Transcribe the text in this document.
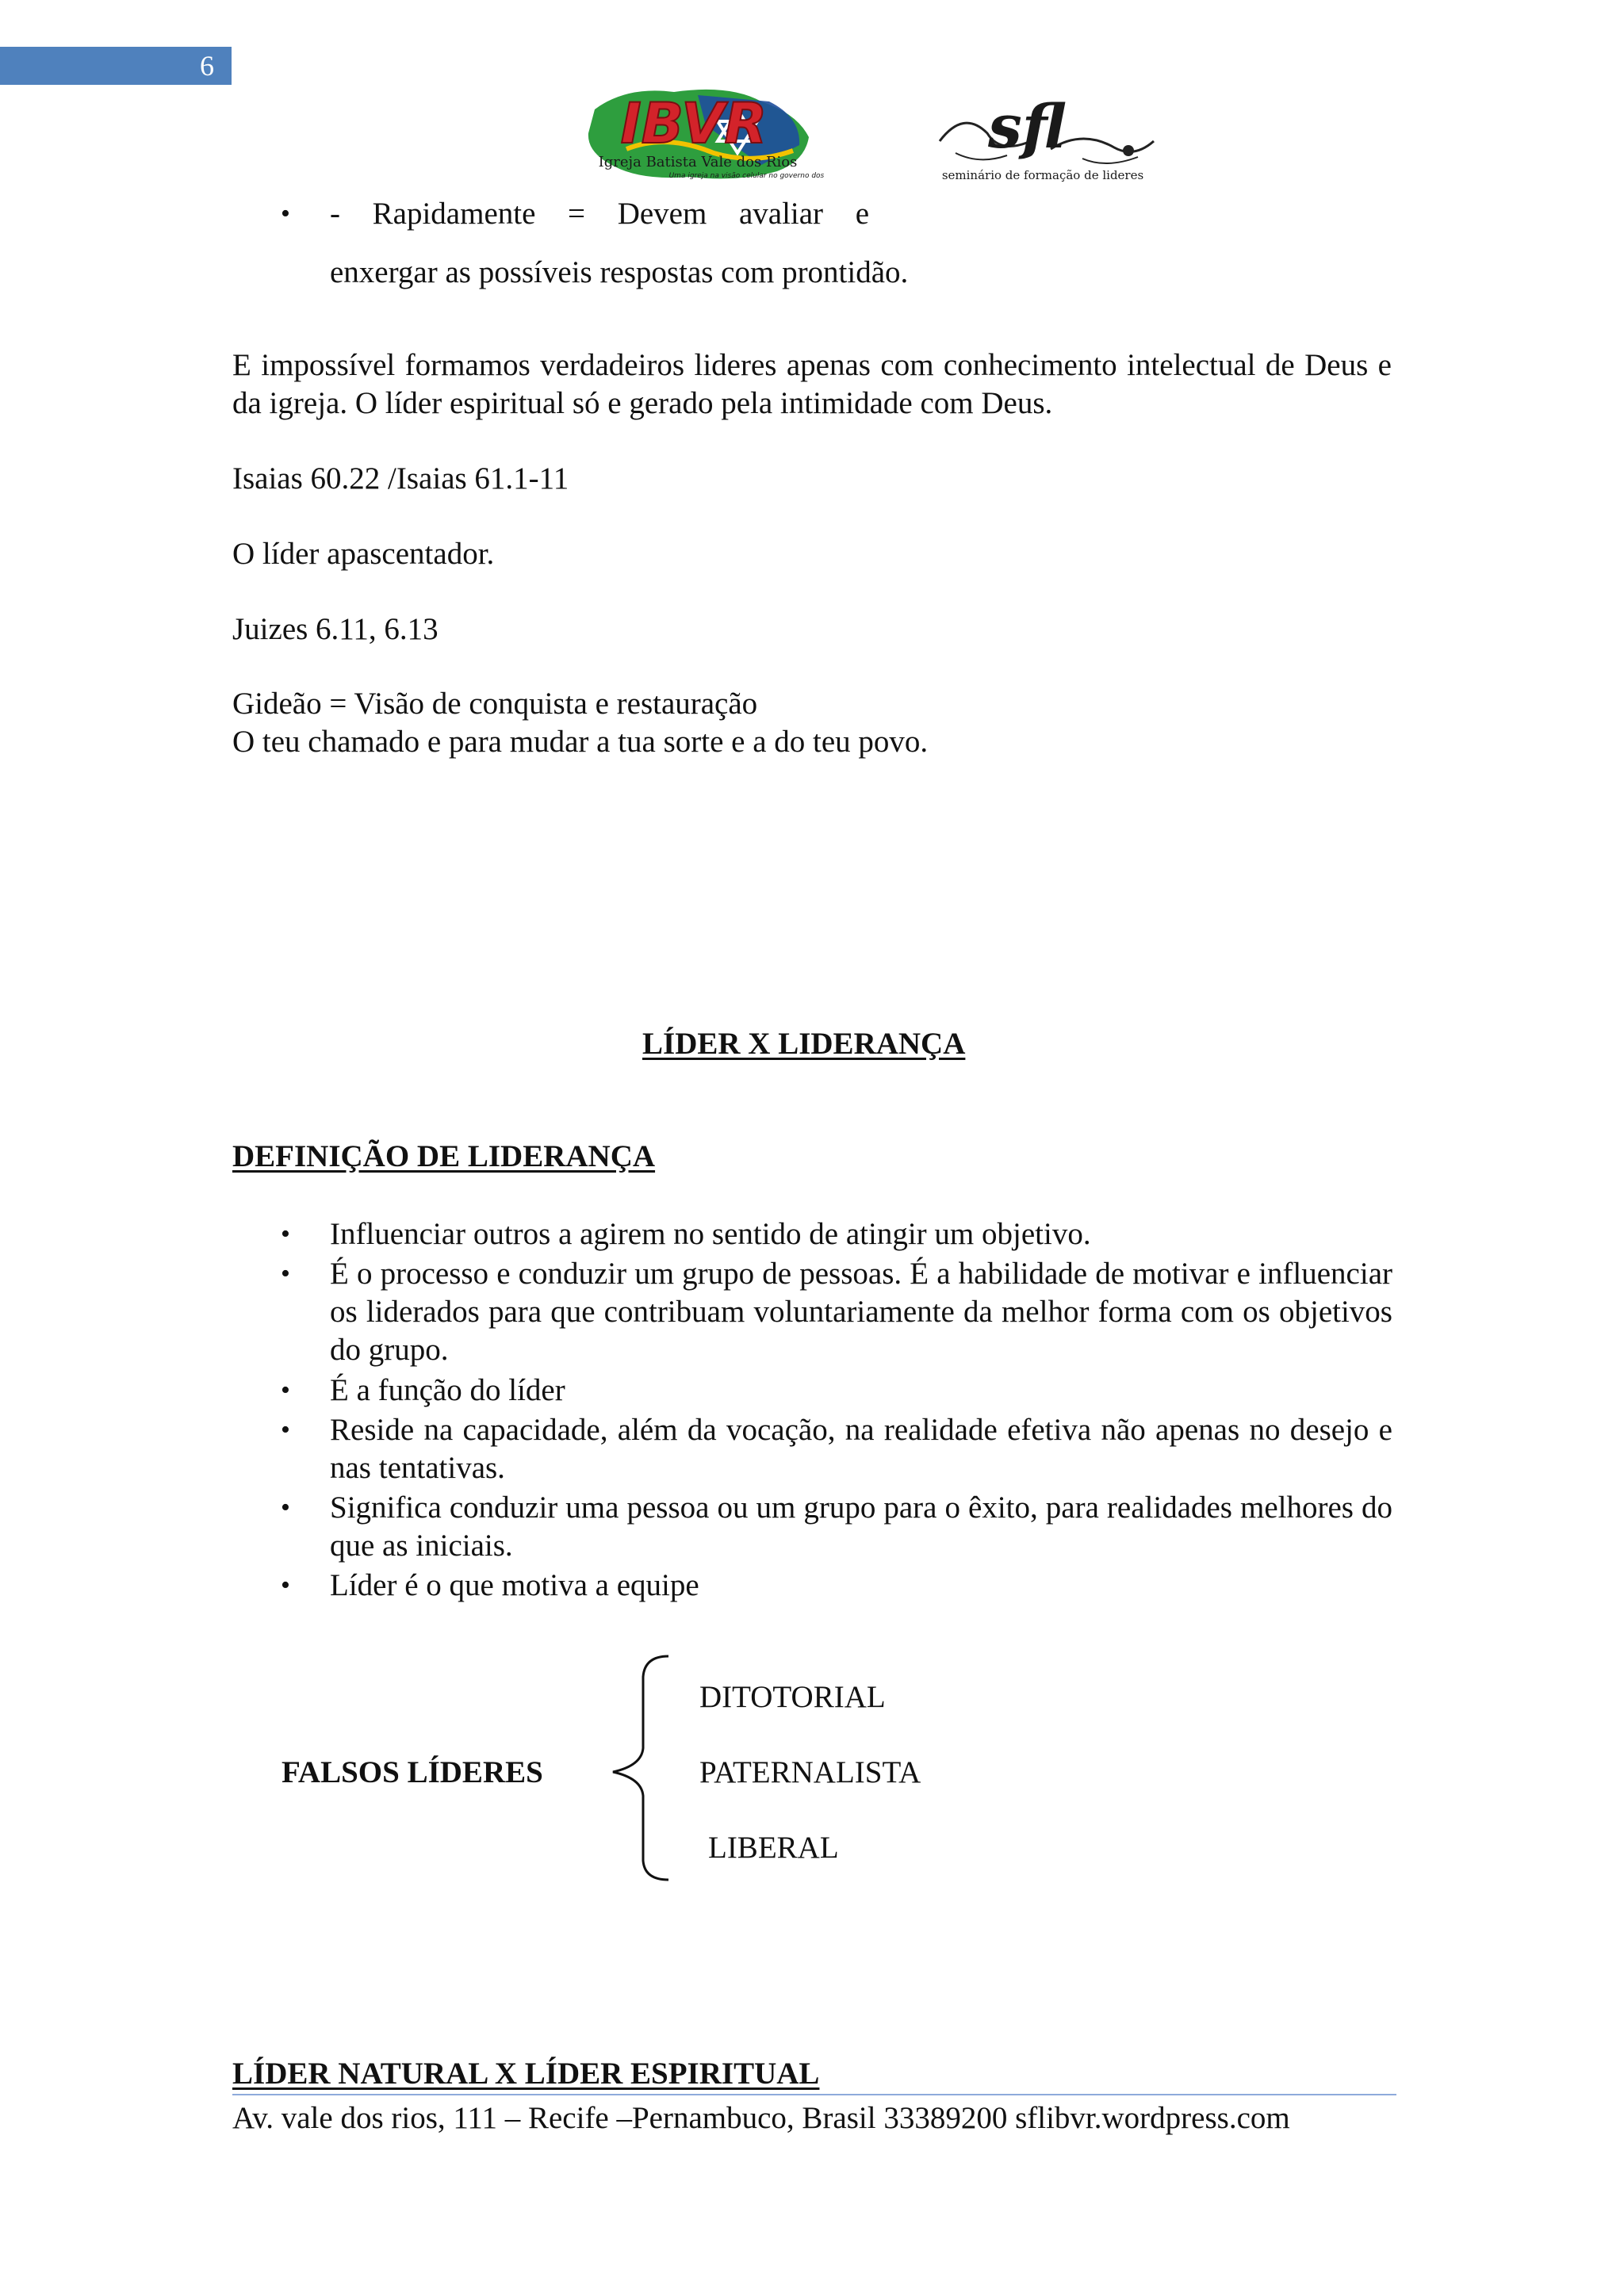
6
IBVR
Igreja Batista Vale dos Rios
Uma igreja na visão celular no governo dos 12.
sfl
seminário de formação de lideres
• - Rapidamente = Devem avaliar e
enxergar as possíveis respostas com prontidão.
E impossível formamos verdadeiros lideres apenas com conhecimento intelectual de Deus e da igreja. O líder espiritual só e gerado pela intimidade com Deus.
Isaias 60.22 /Isaias 61.1-11
O líder apascentador.
Juizes 6.11, 6.13
Gideão = Visão de conquista e restauração
O teu chamado e para mudar a tua sorte e a do teu povo.
LÍDER X LIDERANÇA
DEFINIÇÃO DE LIDERANÇA
• Influenciar outros a agirem no sentido de atingir um objetivo.
• É o processo e conduzir um grupo de pessoas. É a habilidade de motivar e influenciar os liderados para que contribuam voluntariamente da melhor forma com os objetivos do grupo.
• É a função do líder
• Reside na capacidade, além da vocação, na realidade efetiva não apenas no desejo e nas tentativas.
• Significa conduzir uma pessoa ou um grupo para o êxito, para realidades melhores do que as iniciais.
• Líder é o que motiva a equipe
FALSOS LÍDERES
DITOTORIAL
PATERNALISTA
LIBERAL
LÍDER NATURAL X LÍDER ESPIRITUAL
Av. vale dos rios, 111 – Recife –Pernambuco, Brasil 33389200 sflibvr.wordpress.com
